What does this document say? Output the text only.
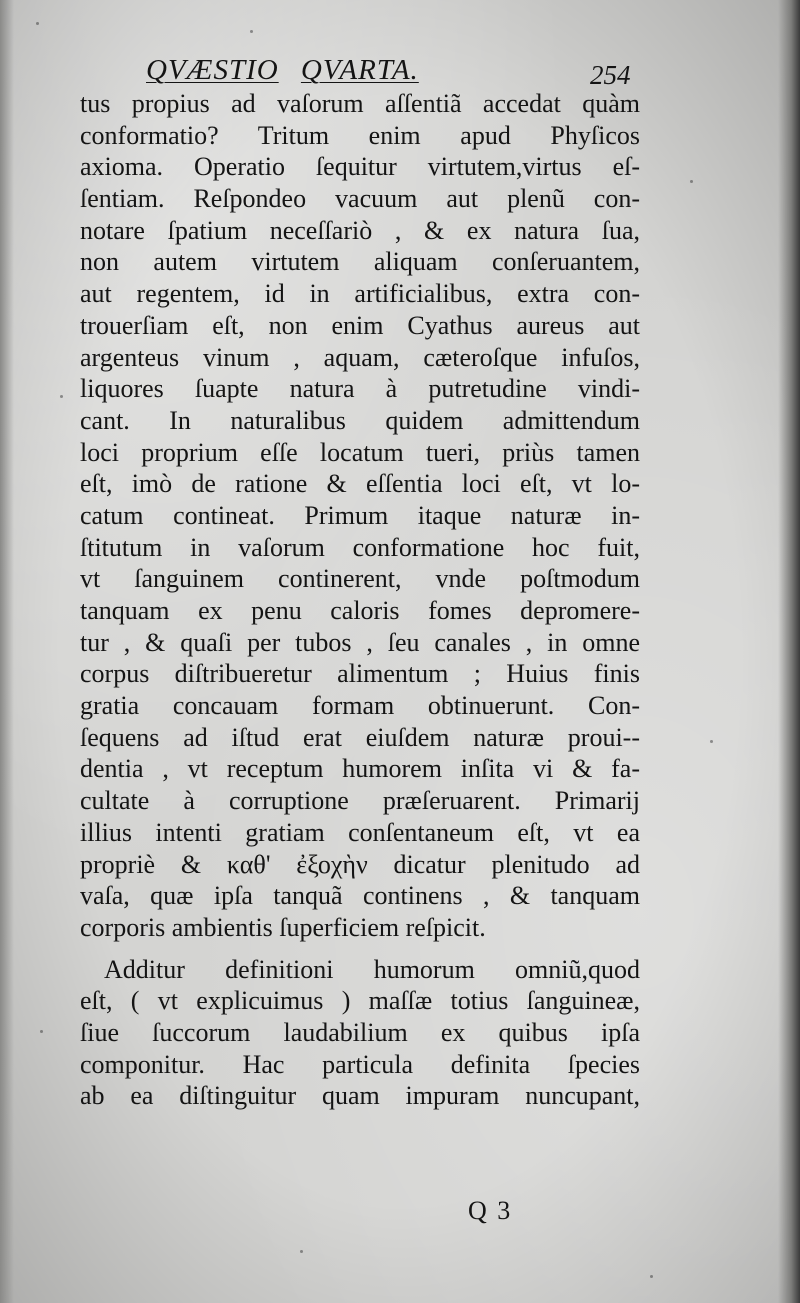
QVÆSTIO QVARTA.	254
tus propius ad vaſorum aſſentiã accedat quàm
conformatio? Tritum enim apud Phyſicos
axioma. Operatio ſequitur virtutem,virtus eſ-
ſentiam. Reſpondeo vacuum aut plenũ con-
notare ſpatium neceſſariò , & ex natura ſua,
non autem virtutem aliquam conſeruantem,
aut regentem, id in artificialibus, extra con-
trouerſiam eſt, non enim Cyathus aureus aut
argenteus vinum , aquam, cæteroſque infuſos,
liquores ſuapte natura à putretudine vindi-
cant. In naturalibus quidem admittendum
loci proprium eſſe locatum tueri, priùs tamen
eſt, imò de ratione & eſſentia loci eſt, vt lo-
catum contineat. Primum itaque naturæ in-
ſtitutum in vaſorum conformatione hoc fuit,
vt ſanguinem continerent, vnde poſtmodum
tanquam ex penu caloris fomes depromere-
tur , & quaſi per tubos , ſeu canales , in omne
corpus diſtribueretur alimentum ; Huius finis
gratia concauam formam obtinuerunt. Con-
ſequens ad iſtud erat eiuſdem naturæ proui--
dentia , vt receptum humorem inſita vi & fa-
cultate à corruptione præſeruarent. Primarij
illius intenti gratiam conſentaneum eſt, vt ea
propriè & καθ' ἐξοχὴν dicatur plenitudo ad
vaſa, quæ ipſa tanquã continens , & tanquam
corporis ambientis ſuperficiem reſpicit.
Additur definitioni humorum omniũ,quod
eſt, ( vt explicuimus ) maſſæ totius ſanguineæ,
ſiue ſuccorum laudabilium ex quibus ipſa
componitur. Hac particula definita ſpecies
ab ea diſtinguitur quam impuram nuncupant,
Q 3
